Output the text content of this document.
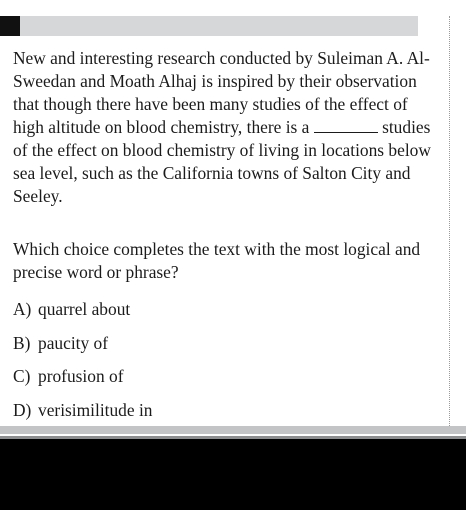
New and interesting research conducted by Suleiman A. Al-Sweedan and Moath Alhaj is inspired by their observation that though there have been many studies of the effect of high altitude on blood chemistry, there is a	studies of the effect on blood chemistry of living in locations below sea level, such as the California towns of Salton City and Seeley.

Which choice completes the text with the most logical and precise word or phrase?

A) quarrel about
B) paucity of
C) profusion of
D) verisimilitude in
